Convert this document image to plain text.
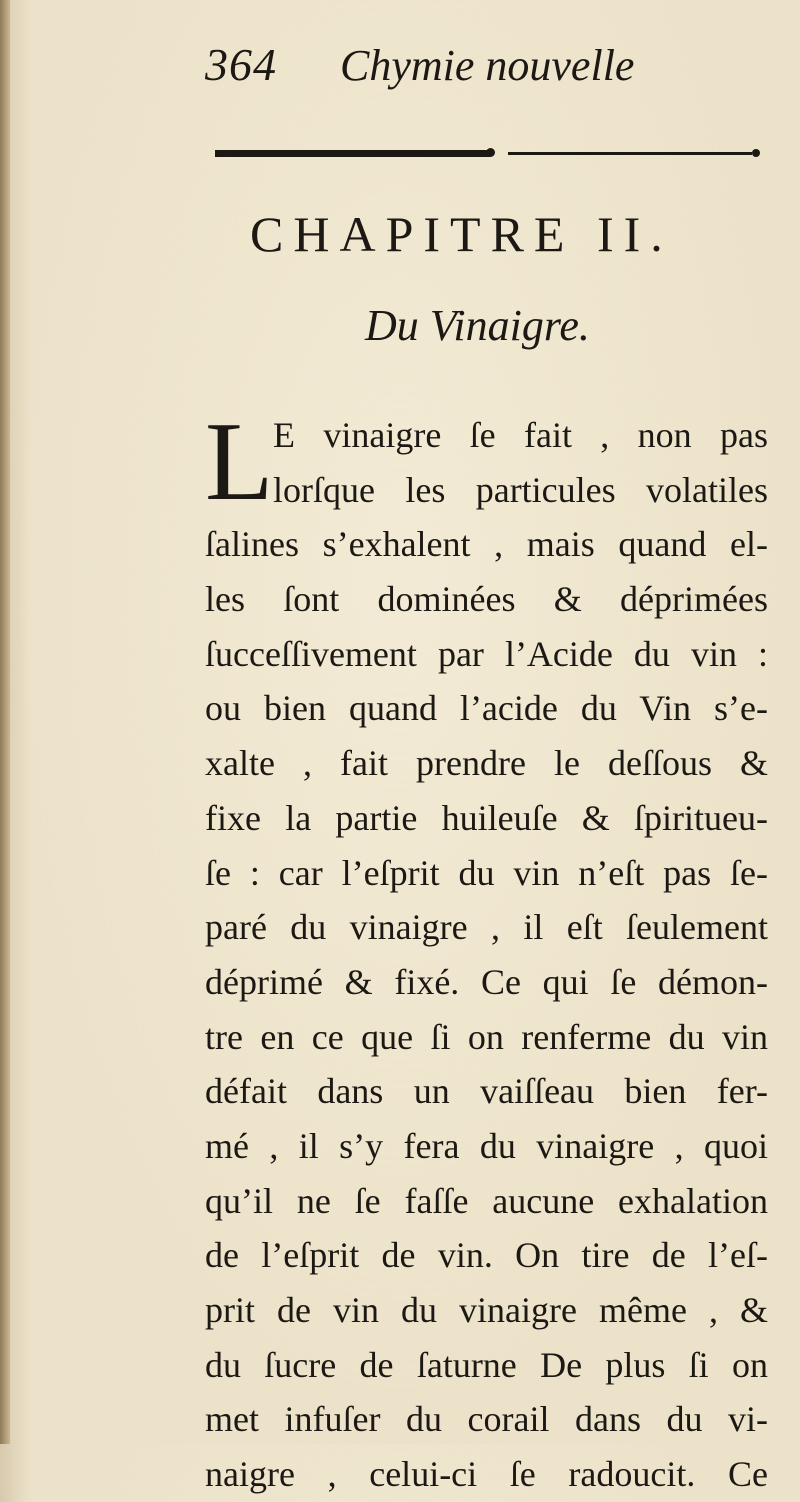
364 Chymie nouvelle
CHAPITRE II.
Du Vinaigre.
L E vinaigre ſe fait , non pas
lorſque les particules volatiles
ſalines s’exhalent , mais quand el-
les ſont dominées & déprimées
ſucceſſivement par l’Acide du vin :
ou bien quand l’acide du Vin s’e-
xalte , fait prendre le deſſous &
fixe la partie huileuſe & ſpiritueu-
ſe : car l’eſprit du vin n’eſt pas ſe-
paré du vinaigre , il eſt ſeulement
déprimé & fixé. Ce qui ſe démon-
tre en ce que ſi on renferme du vin
défait dans un vaiſſeau bien fer-
mé , il s’y fera du vinaigre , quoi
qu’il ne ſe faſſe aucune exhalation
de l’eſprit de vin. On tire de l’eſ-
prit de vin du vinaigre même , &
du ſucre de ſaturne De plus ſi on
met infuſer du corail dans du vi-
naigre , celui-ci ſe radoucit. Ce
